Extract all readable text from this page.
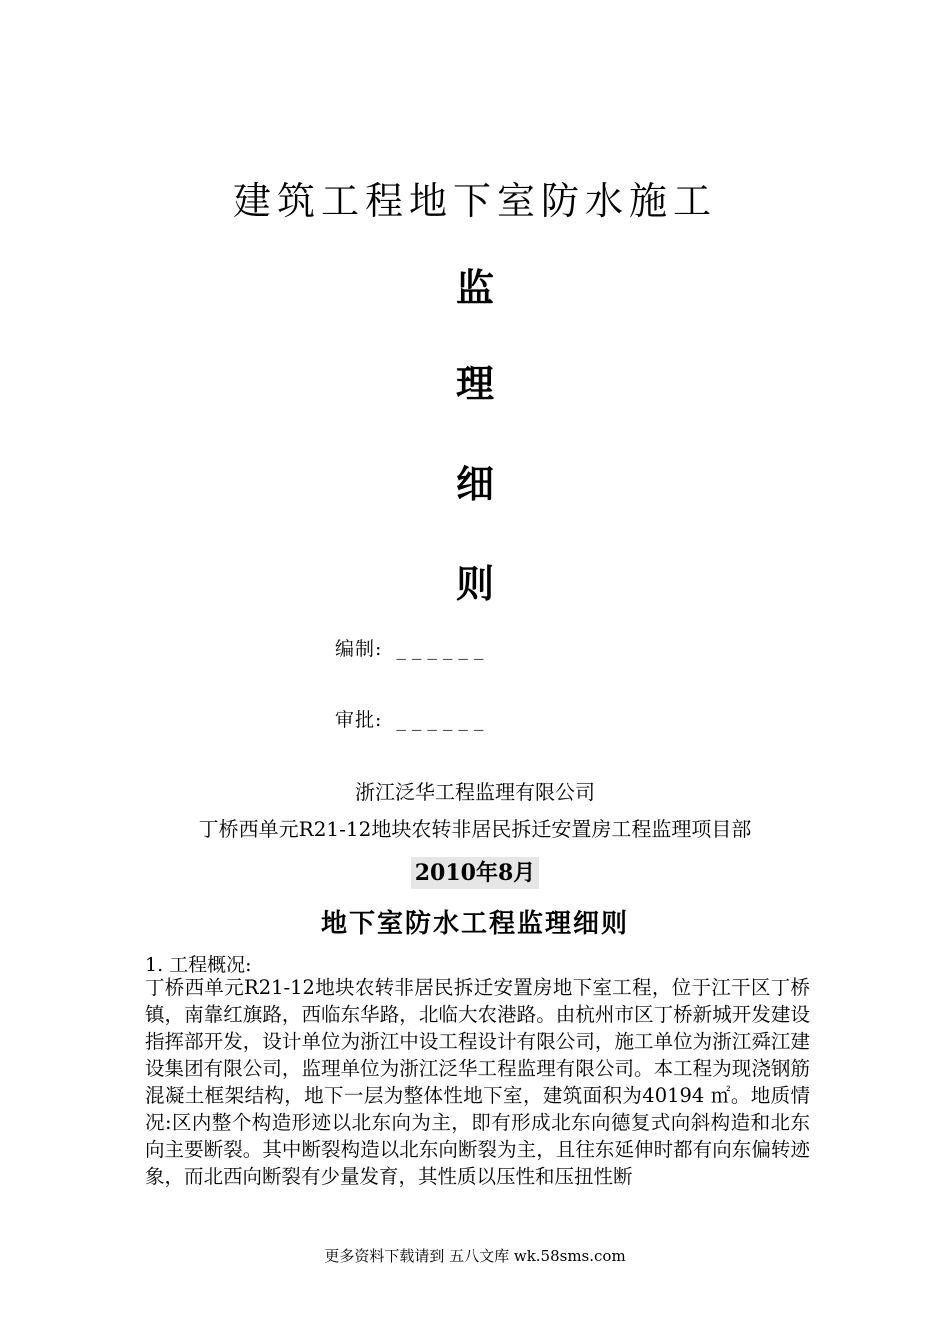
建筑工程地下室防水施工
监
理
细
则
编制: ______
审批: ______
浙江泛华工程监理有限公司
丁桥西单元R21-12地块农转非居民拆迁安置房工程监理项目部
2010年8月
地下室防水工程监理细则
1. 工程概况:
丁桥西单元R21-12地块农转非居民拆迁安置房地下室工程，位于江干区丁桥镇，南靠红旗路，西临东华路，北临大农港路。由杭州市区丁桥新城开发建设指挥部开发，设计单位为浙江中设工程设计有限公司，施工单位为浙江舜江建设集团有限公司，监理单位为浙江泛华工程监理有限公司。本工程为现浇钢筋混凝土框架结构，地下一层为整体性地下室，建筑面积为40194 ㎡。地质情况:区内整个构造形迹以北东向为主，即有形成北东向德复式向斜构造和北东向主要断裂。其中断裂构造以北东向断裂为主，且往东延伸时都有向东偏转迹象，而北西向断裂有少量发育，其性质以压性和压扭性断
更多资料下载请到 五八文库 wk.58sms.com
